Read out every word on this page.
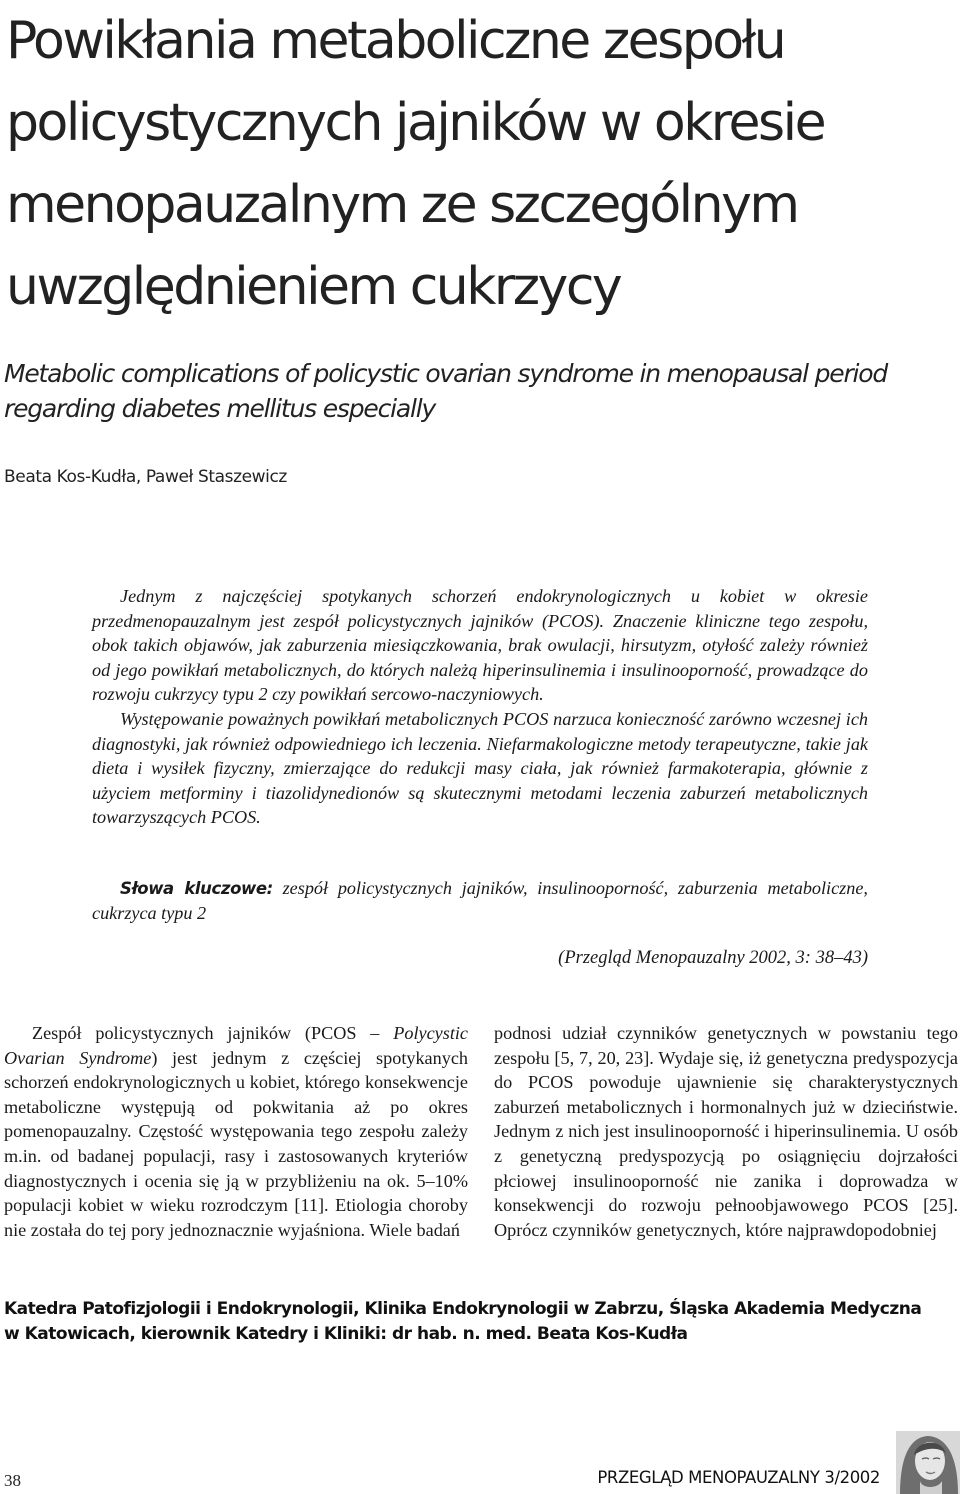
Powikłania metaboliczne zespołu
policystycznych jajników w okresie
menopauzalnym ze szczególnym
uwzględnieniem cukrzycy
Metabolic complications of policystic ovarian syndrome in menopausal period
regarding diabetes mellitus especially
Beata Kos-Kudła, Paweł Staszewicz

Jednym z najczęściej spotykanych schorzeń endokrynologicznych u kobiet w okresie przedmenopauzalnym jest zespół policystycznych jajników (PCOS). Znaczenie kliniczne tego zespołu, obok takich objawów, jak zaburzenia miesiączkowania, brak owulacji, hirsutyzm, otyłość zależy również od jego powikłań metabolicznych, do których należą hiperinsulinemia i insulinooporność, prowadzące do rozwoju cukrzycy typu 2 czy powikłań sercowo-naczyniowych.

Występowanie poważnych powikłań metabolicznych PCOS narzuca konieczność zarówno wczesnej ich diagnostyki, jak również odpowiedniego ich leczenia. Niefarmakologiczne metody terapeutyczne, takie jak dieta i wysiłek fizyczny, zmierzające do redukcji masy ciała, jak również farmakoterapia, głównie z użyciem metforminy i tiazolidynedionów są skutecznymi metodami leczenia zaburzeń metabolicznych towarzyszących PCOS.

Słowa kluczowe: zespół policystycznych jajników, insulinooporność, zaburzenia metaboliczne, cukrzyca typu 2
(Przegląd Menopauzalny 2002, 3: 38–43)

Zespół policystycznych jajników (PCOS – Polycystic Ovarian Syndrome) jest jednym z częściej spotykanych schorzeń endokrynologicznych u kobiet, którego konsekwencje metaboliczne występują od pokwitania aż po okres pomenopauzalny. Częstość występowania tego zespołu zależy m.in. od badanej populacji, rasy i zastosowanych kryteriów diagnostycznych i ocenia się ją w przybliżeniu na ok. 5–10% populacji kobiet w wieku rozrodczym [11]. Etiologia choroby nie została do tej pory jednoznacznie wyjaśniona. Wiele badań

podnosi udział czynników genetycznych w powstaniu tego zespołu [5, 7, 20, 23]. Wydaje się, iż genetyczna predyspozycja do PCOS powoduje ujawnienie się charakterystycznych zaburzeń metabolicznych i hormonalnych już w dzieciństwie. Jednym z nich jest insulinooporność i hiperinsulinemia. U osób z genetyczną predyspozycją po osiągnięciu dojrzałości płciowej insulinooporność nie zanika i doprowadza w konsekwencji do rozwoju pełnoobjawowego PCOS [25]. Oprócz czynników genetycznych, które najprawdopodobniej

Katedra Patofizjologii i Endokrynologii, Klinika Endokrynologii w Zabrzu, Śląska Akademia Medyczna
w Katowicach, kierownik Katedry i Kliniki: dr hab. n. med. Beata Kos-Kudła
38	PRZEGLĄD MENOPAUZALNY 3/2002
